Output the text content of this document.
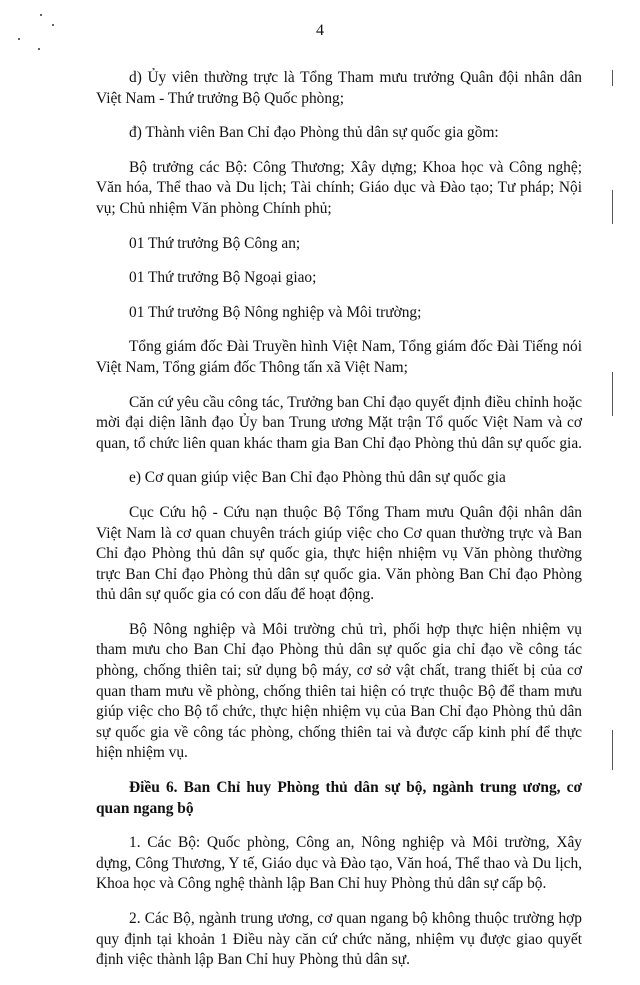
4

d) Ủy viên thường trực là Tổng Tham mưu trưởng Quân đội nhân dân Việt Nam - Thứ trưởng Bộ Quốc phòng;

đ) Thành viên Ban Chỉ đạo Phòng thủ dân sự quốc gia gồm:

Bộ trưởng các Bộ: Công Thương; Xây dựng; Khoa học và Công nghệ; Văn hóa, Thể thao và Du lịch; Tài chính; Giáo dục và Đào tạo; Tư pháp; Nội vụ; Chủ nhiệm Văn phòng Chính phủ;

01 Thứ trưởng Bộ Công an;

01 Thứ trưởng Bộ Ngoại giao;

01 Thứ trưởng Bộ Nông nghiệp và Môi trường;

Tổng giám đốc Đài Truyền hình Việt Nam, Tổng giám đốc Đài Tiếng nói Việt Nam, Tổng giám đốc Thông tấn xã Việt Nam;

Căn cứ yêu cầu công tác, Trưởng ban Chỉ đạo quyết định điều chỉnh hoặc mời đại diện lãnh đạo Ủy ban Trung ương Mặt trận Tổ quốc Việt Nam và cơ quan, tổ chức liên quan khác tham gia Ban Chỉ đạo Phòng thủ dân sự quốc gia.

e) Cơ quan giúp việc Ban Chỉ đạo Phòng thủ dân sự quốc gia

Cục Cứu hộ - Cứu nạn thuộc Bộ Tổng Tham mưu Quân đội nhân dân Việt Nam là cơ quan chuyên trách giúp việc cho Cơ quan thường trực và Ban Chỉ đạo Phòng thủ dân sự quốc gia, thực hiện nhiệm vụ Văn phòng thường trực Ban Chỉ đạo Phòng thủ dân sự quốc gia. Văn phòng Ban Chỉ đạo Phòng thủ dân sự quốc gia có con dấu để hoạt động.

Bộ Nông nghiệp và Môi trường chủ trì, phối hợp thực hiện nhiệm vụ tham mưu cho Ban Chỉ đạo Phòng thủ dân sự quốc gia chỉ đạo về công tác phòng, chống thiên tai; sử dụng bộ máy, cơ sở vật chất, trang thiết bị của cơ quan tham mưu về phòng, chống thiên tai hiện có trực thuộc Bộ để tham mưu giúp việc cho Bộ tổ chức, thực hiện nhiệm vụ của Ban Chỉ đạo Phòng thủ dân sự quốc gia về công tác phòng, chống thiên tai và được cấp kinh phí để thực hiện nhiệm vụ.

Điều 6. Ban Chỉ huy Phòng thủ dân sự bộ, ngành trung ương, cơ quan ngang bộ

1. Các Bộ: Quốc phòng, Công an, Nông nghiệp và Môi trường, Xây dựng, Công Thương, Y tế, Giáo dục và Đào tạo, Văn hoá, Thể thao và Du lịch, Khoa học và Công nghệ thành lập Ban Chỉ huy Phòng thủ dân sự cấp bộ.

2. Các Bộ, ngành trung ương, cơ quan ngang bộ không thuộc trường hợp quy định tại khoản 1 Điều này căn cứ chức năng, nhiệm vụ được giao quyết định việc thành lập Ban Chỉ huy Phòng thủ dân sự.
